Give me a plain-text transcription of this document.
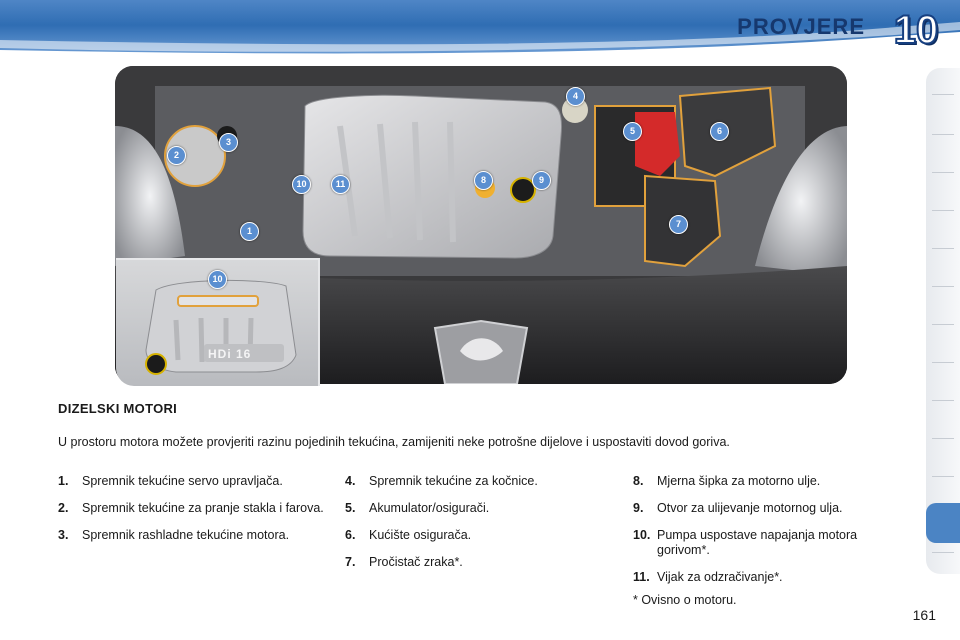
PROVJERE 10
1
2
3
4
5	6
7
8	9
10	11
10
HDi 16
DIZELSKI MOTORI
U prostoru motora možete provjeriti razinu pojedinih tekućina, zamijeniti neke potrošne dijelove i uspostaviti dovod goriva.
1.	Spremnik tekućine servo upravljača.
2.	Spremnik tekućine za pranje stakla i farova.
3.	Spremnik rashladne tekućine motora.
4.	Spremnik tekućine za kočnice.
5.	Akumulator/osigurači.
6.	Kućište osigurača.
7.	Pročistač zraka*.
8.	Mjerna šipka za motorno ulje.
9.	Otvor za ulijevanje motornog ulja.
10. Pumpa uspostave napajanja motora gorivom*.
11. Vijak za odzračivanje*.
* Ovisno o motoru.
161
